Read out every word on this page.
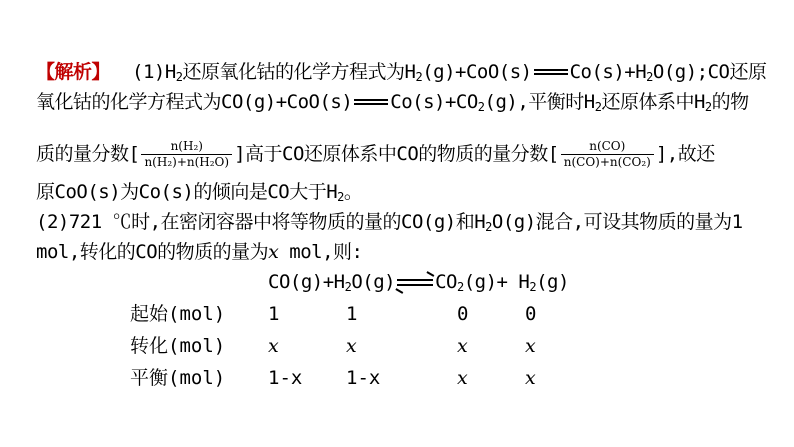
【解析】 $(1)H_2$还原氧化钴的化学方程式为$H_2(g)+CoO(s)$ $Co(s)+H_2O(g);CO$还原
氧化钴的化学方程式为CO(g)+CoO(s) $Co(s)+CO_2(g)$,平衡时$H_2$还原体系中$H_2$的物
质的量分数[ $\frac{\text{n(H₂)}}{\text{n(H₂)+n(H₂O)}}$ ]高于CO还原体系中CO的物质的量分数[ $\frac{n(CO)}{\text{n(CO)+n(CO₂)}}$ ],故还
原CoO(s)为Co(s)的倾向是CO大于$H_2$。
(2)721 ℃时,在密闭容器中将等物质的量的CO(g)和$H_2O(g)$混合,可设其物质的量为1
mol,转化的CO的物质的量为x mol,则:
$CO(g)+H_2O(g)$ $CO_2(g)+ H_2(g)$
起始(mol) 1	1	0	0
转化(mol) x	x	x	x
平衡(mol) 1-x 1-x	x	x
